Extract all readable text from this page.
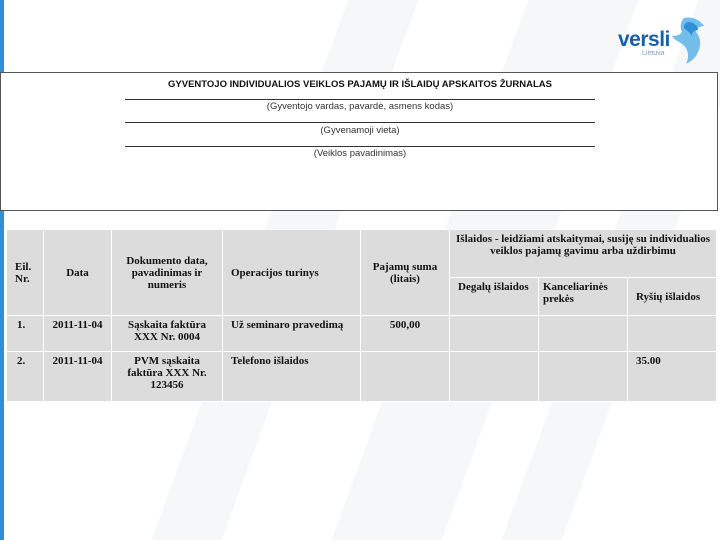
versli
Lietuva
GYVENTOJO INDIVIDUALIOS VEIKLOS PAJAMŲ IR IŠLAIDŲ APSKAITOS ŽURNALAS
(Gyventojo vardas, pavardė, asmens kodas)
(Gyvenamoji vieta)
(Veiklos pavadinimas)
Eil. Nr.	Data	Dokumento data, pavadinimas ir numeris	Operacijos turinys	Pajamų suma (litais)	Išlaidos - leidžiami atskaitymai, susiję su individualios veiklos pajamų gavimu arba uždirbimu		
					Degalų išlaidos	Kanceliarinės prekės	Ryšių išlaidos
1.	2011-11-04	Sąskaita faktūra XXX Nr. 0004	Už seminaro pravedimą	500,00			
2.	2011-11-04	PVM sąskaita faktūra XXX Nr. 123456	Telefono išlaidos				35.00
